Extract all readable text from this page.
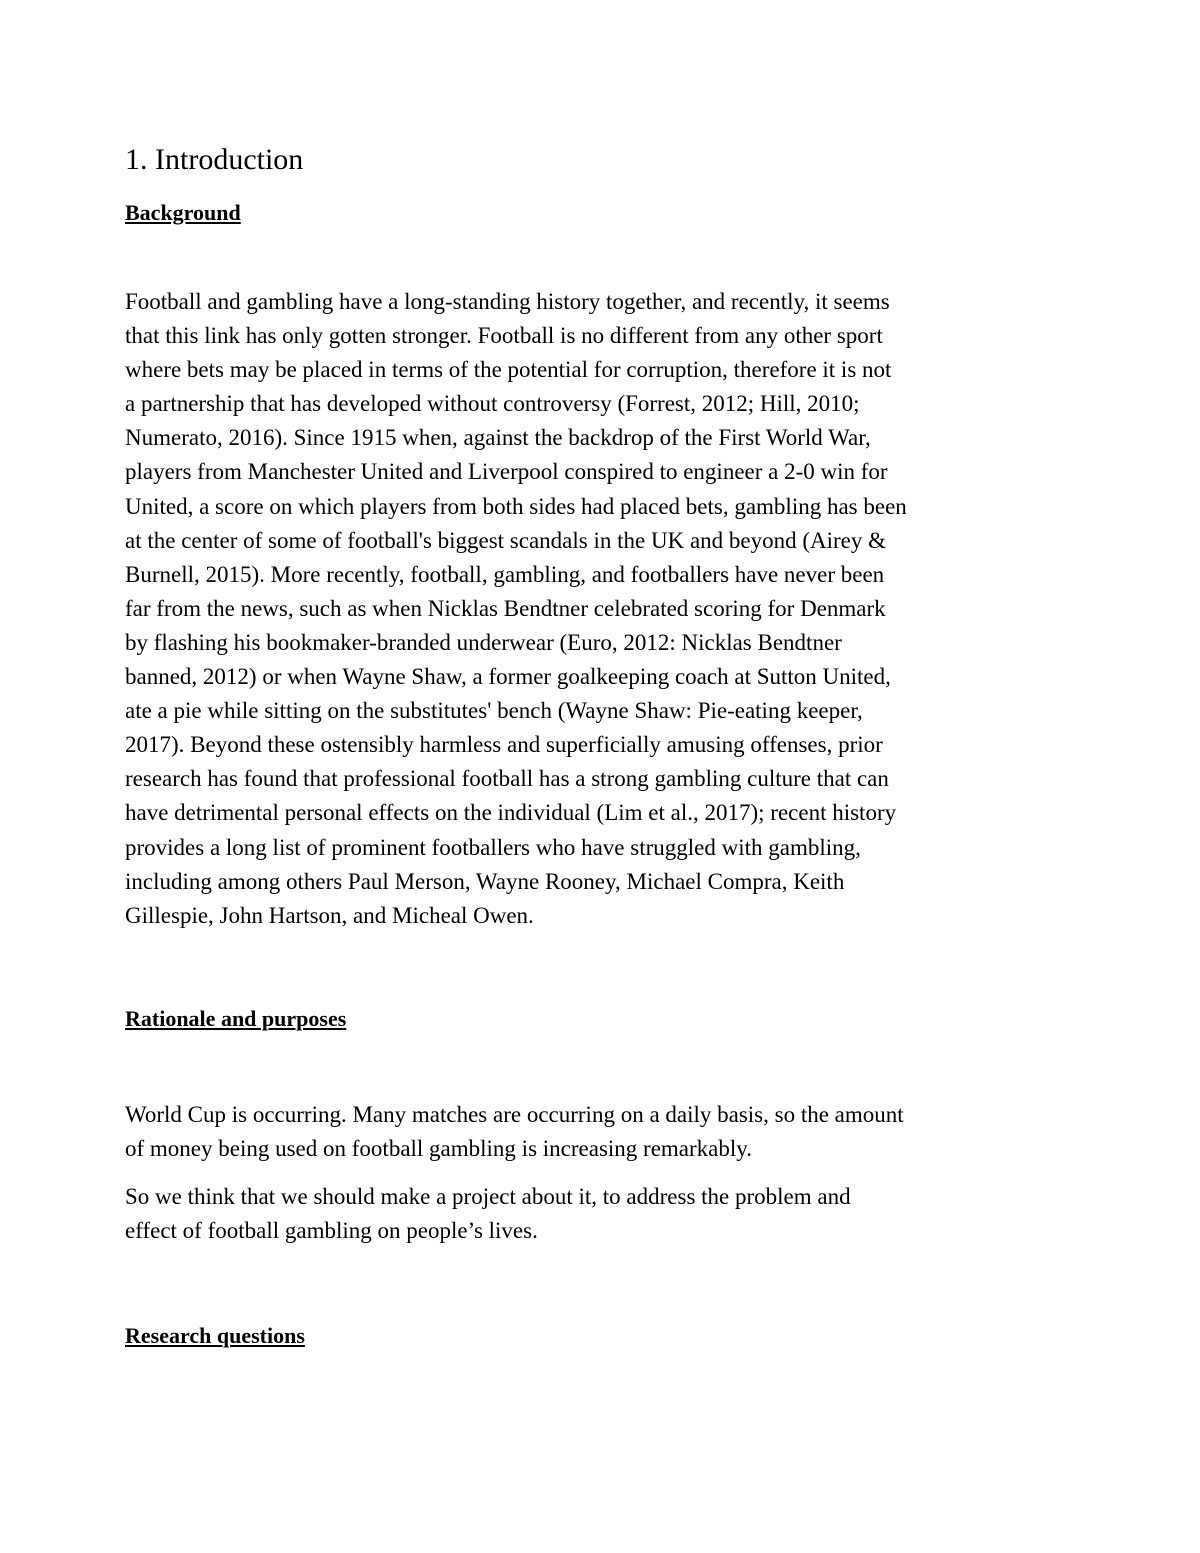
1. Introduction
Background

Football and gambling have a long-standing history together, and recently, it seems
that this link has only gotten stronger. Football is no different from any other sport
where bets may be placed in terms of the potential for corruption, therefore it is not
a partnership that has developed without controversy (Forrest, 2012; Hill, 2010;
Numerato, 2016). Since 1915 when, against the backdrop of the First World War,
players from Manchester United and Liverpool conspired to engineer a 2-0 win for
United, a score on which players from both sides had placed bets, gambling has been
at the center of some of football's biggest scandals in the UK and beyond (Airey &
Burnell, 2015). More recently, football, gambling, and footballers have never been
far from the news, such as when Nicklas Bendtner celebrated scoring for Denmark
by flashing his bookmaker-branded underwear (Euro, 2012: Nicklas Bendtner
banned, 2012) or when Wayne Shaw, a former goalkeeping coach at Sutton United,
ate a pie while sitting on the substitutes' bench (Wayne Shaw: Pie-eating keeper,
2017). Beyond these ostensibly harmless and superficially amusing offenses, prior
research has found that professional football has a strong gambling culture that can
have detrimental personal effects on the individual (Lim et al., 2017); recent history
provides a long list of prominent footballers who have struggled with gambling,
including among others Paul Merson, Wayne Rooney, Michael Compra, Keith
Gillespie, John Hartson, and Micheal Owen.

Rationale and purposes

World Cup is occurring. Many matches are occurring on a daily basis, so the amount
of money being used on football gambling is increasing remarkably.

So we think that we should make a project about it, to address the problem and
effect of football gambling on people’s lives.

Research questions
